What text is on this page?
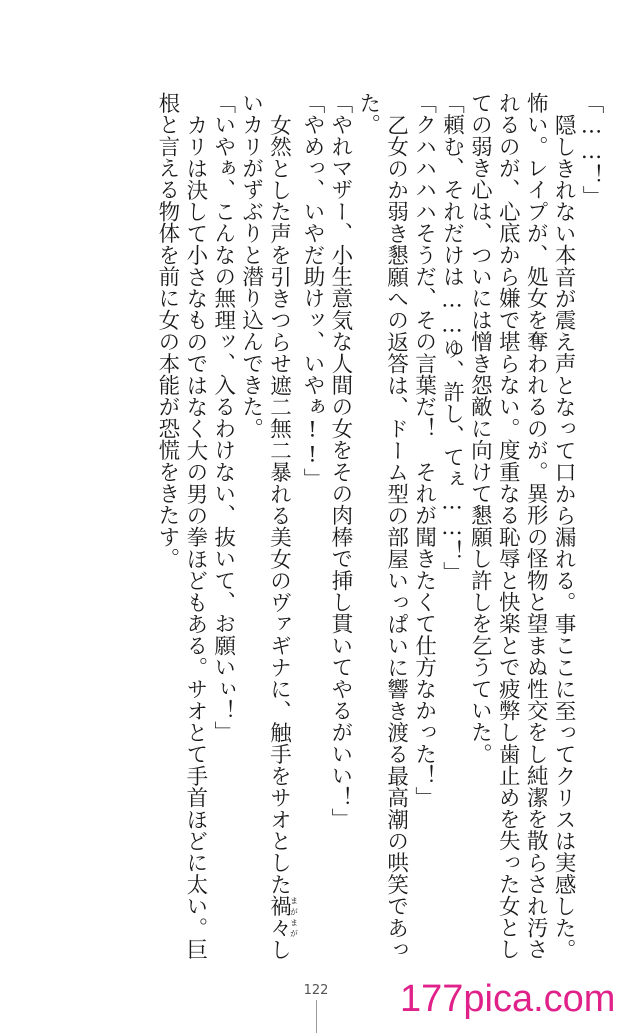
「……！」

隠しきれない本音が震え声となって口から漏れる。事ここに至ってクリスは実感した。怖い。レイプが、処女を奪われるのが。異形の怪物と望まぬ性交をし純潔を散らされ汚されるのが、心底から嫌で堪らない。度重なる恥辱と快楽とで疲弊し歯止めを失った女としての弱き心は、ついには憎き怨敵に向けて懇願し許しを乞うていた。

「頼む、それだけは……ゆ、許し、てぇ……！」

「クハハハハそうだ、その言葉だ！　それが聞きたくて仕方なかった！」

乙女のか弱き懇願への返答は、ドーム型の部屋いっぱいに響き渡る最高潮の哄笑であった。

「やれマザー、小生意気な人間の女をその肉棒で挿し貫いてやるがいい！」

「やめっ、いやだ助けッ、いやぁ!!」

女然とした声を引きつらせ遮二無二暴れる美女のヴァギナに、触手をサオとした禍々まがまがしいカリがずぶりと潜り込んできた。

「いやぁ、こんなの無理ッ、入るわけない、抜いて、お願いぃ！」

カリは決して小さなものではなく大の男の拳ほどもある。サオとて手首ほどに太い。巨根と言える物体を前に女の本能が恐慌をきたす。

122 177pica.com
